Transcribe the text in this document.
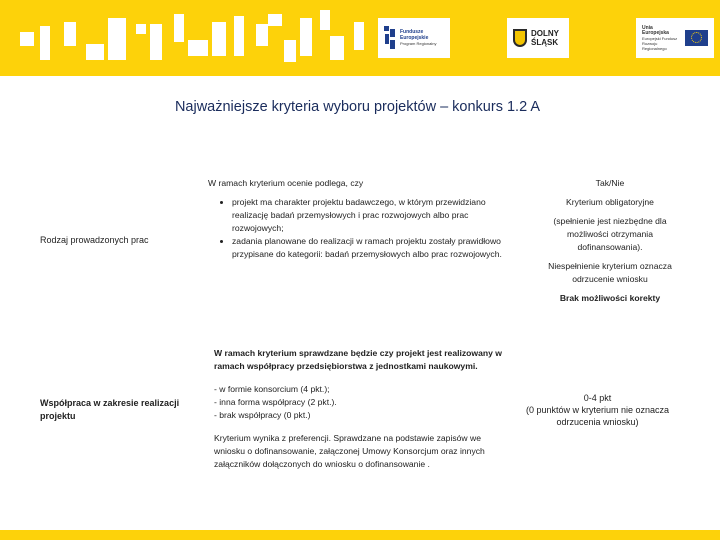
Fundusze
Europejskie
Program Regionalny
DOLNY
ŚLĄSK
Unia Europejska
Europejski Fundusz
Rozwoju Regionalnego
Najważniejsze kryteria wyboru projektów – konkurs 1.2 A
Rodzaj prowadzonych prac

W ramach kryterium ocenie podlega, czy

• projekt ma charakter projektu badawczego, w którym przewidziano realizację badań przemysłowych i prac rozwojowych albo prac rozwojowych;
• zadania planowane do realizacji w ramach projektu zostały prawidłowo przypisane do kategorii: badań przemysłowych albo prac rozwojowych.

Tak/Nie

Kryterium obligatoryjne

(spełnienie jest niezbędne dla możliwości otrzymania dofinansowania).

Niespełnienie kryterium oznacza odrzucenie wniosku

Brak możliwości korekty

Współpraca w zakresie realizacji projektu

W ramach kryterium sprawdzane będzie czy projekt jest realizowany w ramach współpracy przedsiębiorstwa z jednostkami naukowymi.

- w formie konsorcium (4 pkt.);

- inna forma współpracy (2 pkt.).

- brak współpracy (0 pkt.)

Kryterium wynika z preferencji. Sprawdzane na podstawie zapisów we wniosku o dofinansowanie, załączonej Umowy Konsorcjum oraz innych załączników dołączonych do wniosku o dofinansowanie .

0-4 pkt

(0 punktów w kryterium nie oznacza odrzucenia wniosku)
